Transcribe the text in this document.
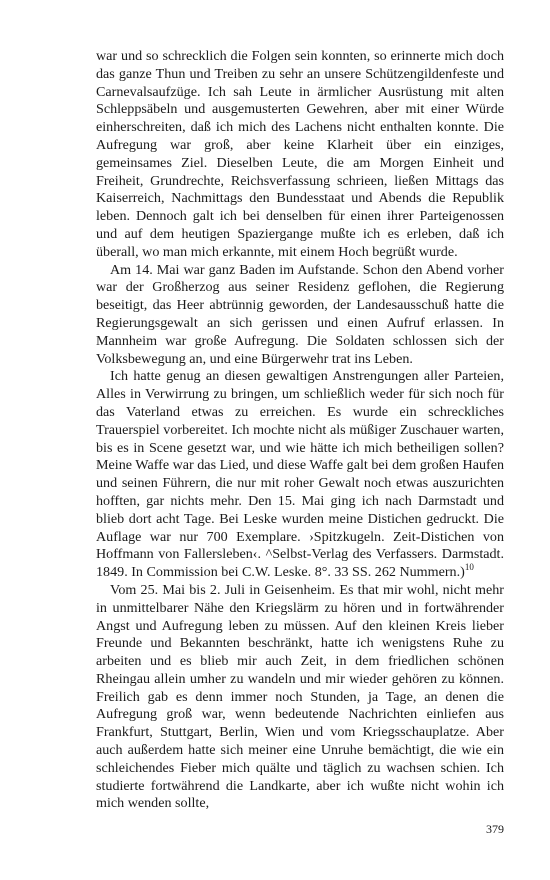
war und so schrecklich die Folgen sein konnten, so erinnerte mich doch das ganze Thun und Treiben zu sehr an unsere Schützengildenfeste und Carnevalsaufzüge. Ich sah Leute in ärmlicher Ausrüstung mit alten Schleppsäbeln und ausgemusterten Gewehren, aber mit einer Würde einherschreiten, daß ich mich des Lachens nicht enthalten konnte. Die Aufregung war groß, aber keine Klarheit über ein einziges, gemeinsames Ziel. Dieselben Leute, die am Morgen Einheit und Freiheit, Grundrechte, Reichsverfassung schrieen, ließen Mittags das Kaiserreich, Nachmittags den Bundesstaat und Abends die Republik leben. Dennoch galt ich bei denselben für einen ihrer Parteigenossen und auf dem heutigen Spaziergange mußte ich es erleben, daß ich überall, wo man mich erkannte, mit einem Hoch begrüßt wurde.

Am 14. Mai war ganz Baden im Aufstande. Schon den Abend vorher war der Großherzog aus seiner Residenz geflohen, die Regierung beseitigt, das Heer abtrünnig geworden, der Landesausschuß hatte die Regierungsgewalt an sich gerissen und einen Aufruf erlassen. In Mannheim war große Aufregung. Die Soldaten schlossen sich der Volksbewegung an, und eine Bürgerwehr trat ins Leben.

Ich hatte genug an diesen gewaltigen Anstrengungen aller Parteien, Alles in Verwirrung zu bringen, um schließlich weder für sich noch für das Vaterland etwas zu erreichen. Es wurde ein schreckliches Trauerspiel vorbereitet. Ich mochte nicht als müßiger Zuschauer warten, bis es in Scene gesetzt war, und wie hätte ich mich betheiligen sollen? Meine Waffe war das Lied, und diese Waffe galt bei dem großen Haufen und seinen Führern, die nur mit roher Gewalt noch etwas auszurichten hofften, gar nichts mehr. Den 15. Mai ging ich nach Darmstadt und blieb dort acht Tage. Bei Leske wurden meine Distichen gedruckt. Die Auflage war nur 700 Exemplare. ›Spitzkugeln. Zeit-Distichen von Hoffmann von Fallersleben‹. ^Selbst-Verlag des Verfassers. Darmstadt. 1849. In Commission bei C.W. Leske. 8°. 33 SS. 262 Nummern.)$^{10}$

Vom 25. Mai bis 2. Juli in Geisenheim. Es that mir wohl, nicht mehr in unmittelbarer Nähe den Kriegslärm zu hören und in fortwährender Angst und Aufregung leben zu müssen. Auf den kleinen Kreis lieber Freunde und Bekannten beschränkt, hatte ich wenigstens Ruhe zu arbeiten und es blieb mir auch Zeit, in dem friedlichen schönen Rheingau allein umher zu wandeln und mir wieder gehören zu können. Freilich gab es denn immer noch Stunden, ja Tage, an denen die Aufregung groß war, wenn bedeutende Nachrichten einliefen aus Frankfurt, Stuttgart, Berlin, Wien und vom Kriegsschauplatze. Aber auch außerdem hatte sich meiner eine Unruhe bemächtigt, die wie ein schleichendes Fieber mich quälte und täglich zu wachsen schien. Ich studierte fortwährend die Landkarte, aber ich wußte nicht wohin ich mich wenden sollte,

379
